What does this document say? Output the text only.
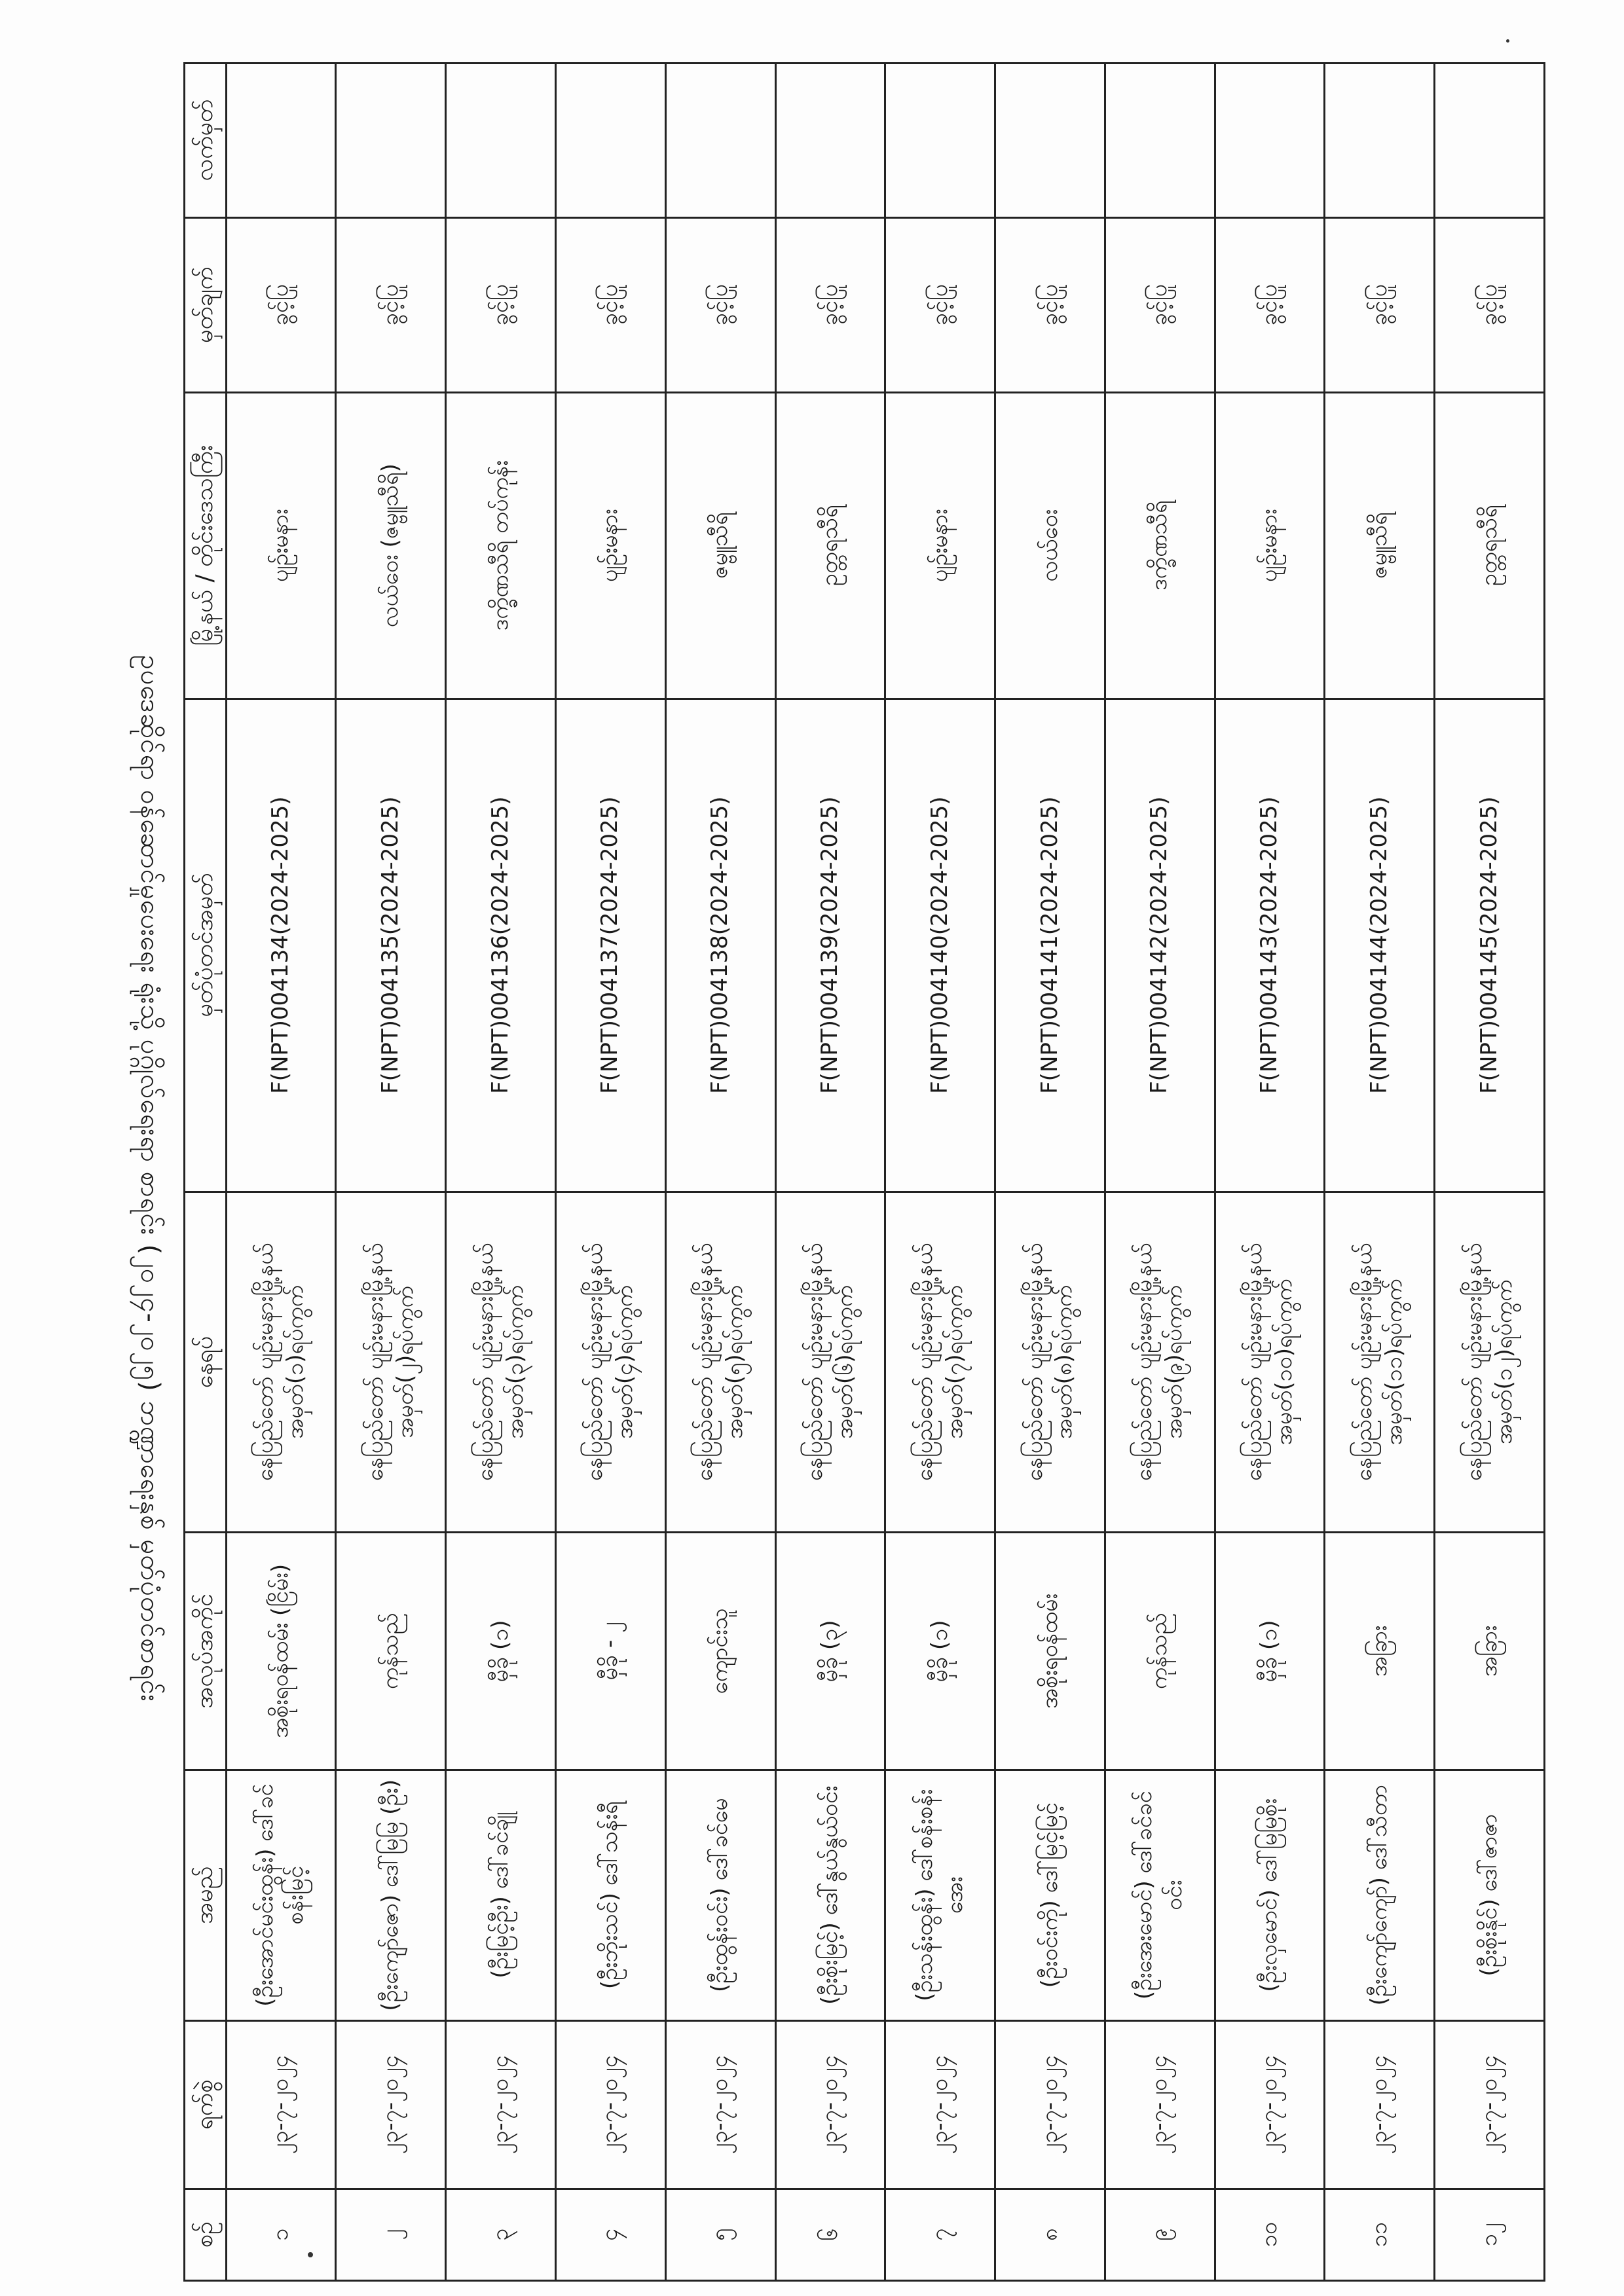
စဉ်	ရက်စွဲ	အမည်	အလုပ်အကိုင်	နေရပ်	မှတ်ပုံတင်အမှတ်	မြို့နယ် / တိုင်းဒေသကြီး	မှတ်ချက်	လက်မှတ်
၁	၂၃-၇-၂၀၂၄	(ဦးအောင်မင်းထွန်း) ဒေါ်ခင်စန်းမြင့်	အစိုးရဝန်ထမ်း (ငြိမ်း)	နေပြည်တော် ပျဉ်းမနားမြို့နယ် အမှတ်(၁)ရပ်ကွက်	F(NPT)004134(2024-2025)	ပျဉ်းမနား	ခွင့်ပြု	
၂	၂၃-၇-၂၀၂၄	(ဦးကျော်ဇော) ဒေါ်မြမြ (ဦး)	ကုန်သည်	နေပြည်တော် ပျဉ်းမနားမြို့နယ် အမှတ်(၂)ရပ်ကွက်	F(NPT)004135(2024-2025)	လယ်ဝေး (ဇမ္ဗူသီရိ)	ခွင့်ပြု	
၃	၂၃-၇-၂၀၂၄	(ဦးမြင့်ဦး) ဒေါ်ခင်ချို	မှီခို (၁)	နေပြည်တော် ပျဉ်းမနားမြို့နယ် အမှတ်(၃)ရပ်ကွက်	F(NPT)004136(2024-2025)	ဒက္ခိဏသီရိ တပ်ကုန်း	ခွင့်ပြု	
၄	၂၃-၇-၂၀၂၄	(ဦးဘိုးသင်) ဒေါ်သန်းရီ	မှီခို - ၂	နေပြည်တော် ပျဉ်းမနားမြို့နယ် အမှတ်(၄)ရပ်ကွက်	F(NPT)004137(2024-2025)	ပျဉ်းမနား	ခွင့်ပြု	
၅	၂၃-၇-၂၀၂၄	(ဦးထွန်းဝင်း) ဒေါ်ခင်မေ	ကျောင်းသူ	နေပြည်တော် ပျဉ်းမနားမြို့နယ် အမှတ်(၅)ရပ်ကွက်	F(NPT)004138(2024-2025)	ဇမ္ဗူသီရိ	ခွင့်ပြု	
၆	၂၃-၇-၂၀၂၄	(ဦးစိုးမြင့်) ဒေါ်နွယ်နွယ်ဝင်း	မှီခို (၃)	နေပြည်တော် ပျဉ်းမနားမြို့နယ် အမှတ်(၆)ရပ်ကွက်	F(NPT)004139(2024-2025)	ဥတ္တရသီရိ	ခွင့်ပြု	
၇	၂၃-၇-၂၀၂၄	(ဦးသန်းထွန်း) ဒေါ်စန်းစန်းအေး	မှီခို (၁)	နေပြည်တော် ပျဉ်းမနားမြို့နယ် အမှတ်(၇)ရပ်ကွက်	F(NPT)004140(2024-2025)	ပျဉ်းမနား	ခွင့်ပြု	
၈	၂၃-၇-၂၀၂၄	(ဦးဝင်းကို) ဒေါ်မြင့်မြင့်	အစိုးရဝန်ထမ်း	နေပြည်တော် ပျဉ်းမနားမြို့နယ် အမှတ်(၈)ရပ်ကွက်	F(NPT)004141(2024-2025)	လယ်ဝေး	ခွင့်ပြု	
၉	၂၃-၇-၂၀၂၄	(ဦးအေးမောင်) ဒေါ်ခင်ခင်ဝင်း	ကုန်သည်	နေပြည်တော် ပျဉ်းမနားမြို့နယ် အမှတ်(၉)ရပ်ကွက်	F(NPT)004142(2024-2025)	ဒက္ခိဏသီရိ	ခွင့်ပြု	
၁၀	၂၃-၇-၂၀၂၄	(ဦးလှမောင်) ဒေါ်မြမြစိုး	မှီခို (၁)	နေပြည်တော် ပျဉ်းမနားမြို့နယ် အမှတ်(၁၀)ရပ်ကွက်	F(NPT)004143(2024-2025)	ပျဉ်းမနား	ခွင့်ပြု	
၁၁	၂၃-၇-၂၀၂၄	(ဦးကျော်ကျော်) ဒေါ်သီတာ	အခြား	နေပြည်တော် ပျဉ်းမနားမြို့နယ် အမှတ်(၁၁)ရပ်ကွက်	F(NPT)004144(2024-2025)	ဇမ္ဗူသီရိ	ခွင့်ပြု	
၁၂	၂၃-၇-၂၀၂၄	(ဦးစိုးနိုင်) ဒေါ်ဇာဇာ	အခြား	နေပြည်တော် ပျဉ်းမနားမြို့နယ် အမှတ်(၁၂)ရပ်ကွက်	F(NPT)004145(2024-2025)	ဥတ္တရသီရိ	ခွင့်ပြု	
ဥပဒေဆိုင်ရာ ဝန်ဆောင်မှုပေးရေး ရုံးသို့ ပုဂ္ဂိုလ်ရေးရာ စာရင်း (၂၀၂၄-၂၀၂၅) ဘဏ္ဍာရေးနှစ် မှတ်ပုံတင်စာရင်း
